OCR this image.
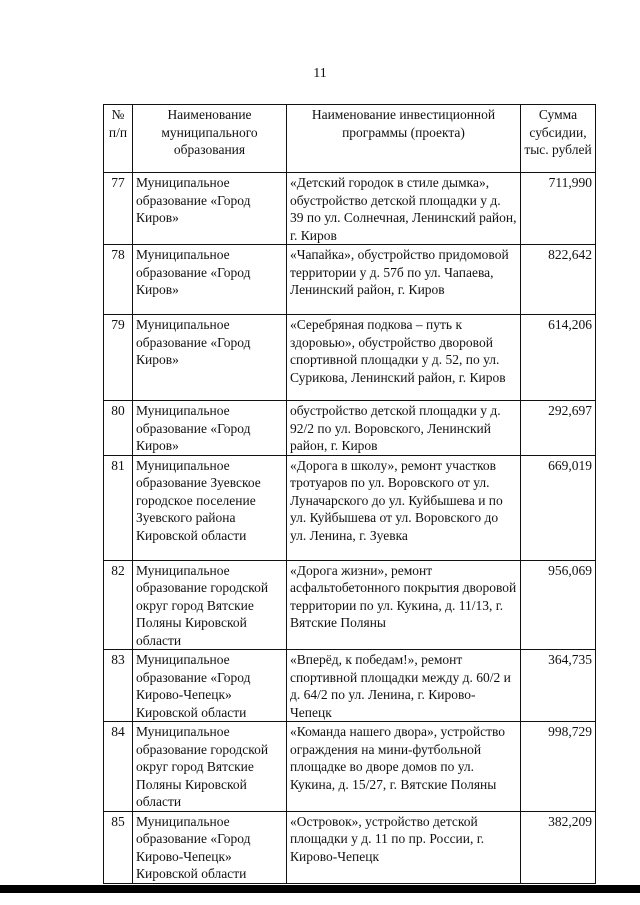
11
№ п/п	Наименование муниципального образования	Наименование инвестиционной программы (проекта)	Сумма субсидии, тыс. рублей
77	Муниципальное образование «Город Киров»	«Детский городок в стиле дымка», обустройство детской площадки у д. 39 по ул. Солнечная, Ленинский район, г. Киров	711,990
78	Муниципальное образование «Город Киров»	«Чапайка», обустройство придомовой территории у д. 57б по ул. Чапаева, Ленинский район, г. Киров	822,642
79	Муниципальное образование «Город Киров»	«Серебряная подкова – путь к здоровью», обустройство дворовой спортивной площадки у д. 52, по ул. Сурикова, Ленинский район, г. Киров	614,206
80	Муниципальное образование «Город Киров»	обустройство детской площадки у д. 92/2 по ул. Воровского, Ленинский район, г. Киров	292,697
81	Муниципальное образование Зуевское городское поселение Зуевского района Кировской области	«Дорога в школу», ремонт участков тротуаров по ул. Воровского от ул. Луначарского до ул. Куйбышева и по ул. Куйбышева от ул. Воровского до ул. Ленина, г. Зуевка	669,019
82	Муниципальное образование городской округ город Вятские Поляны Кировской области	«Дорога жизни», ремонт асфальтобетонного покрытия дворовой территории по ул. Кукина, д. 11/13, г. Вятские Поляны	956,069
83	Муниципальное образование «Город Кирово-Чепецк» Кировской области	«Вперёд, к победам!», ремонт спортивной площадки между д. 60/2 и д. 64/2 по ул. Ленина, г. Кирово-Чепецк	364,735
84	Муниципальное образование городской округ город Вятские Поляны Кировской области	«Команда нашего двора», устройство ограждения на мини-футбольной площадке во дворе домов по ул. Кукина, д. 15/27, г. Вятские Поляны	998,729
85	Муниципальное образование «Город Кирово-Чепецк» Кировской области	«Островок», устройство детской площадки у д. 11 по пр. России, г. Кирово-Чепецк	382,209
